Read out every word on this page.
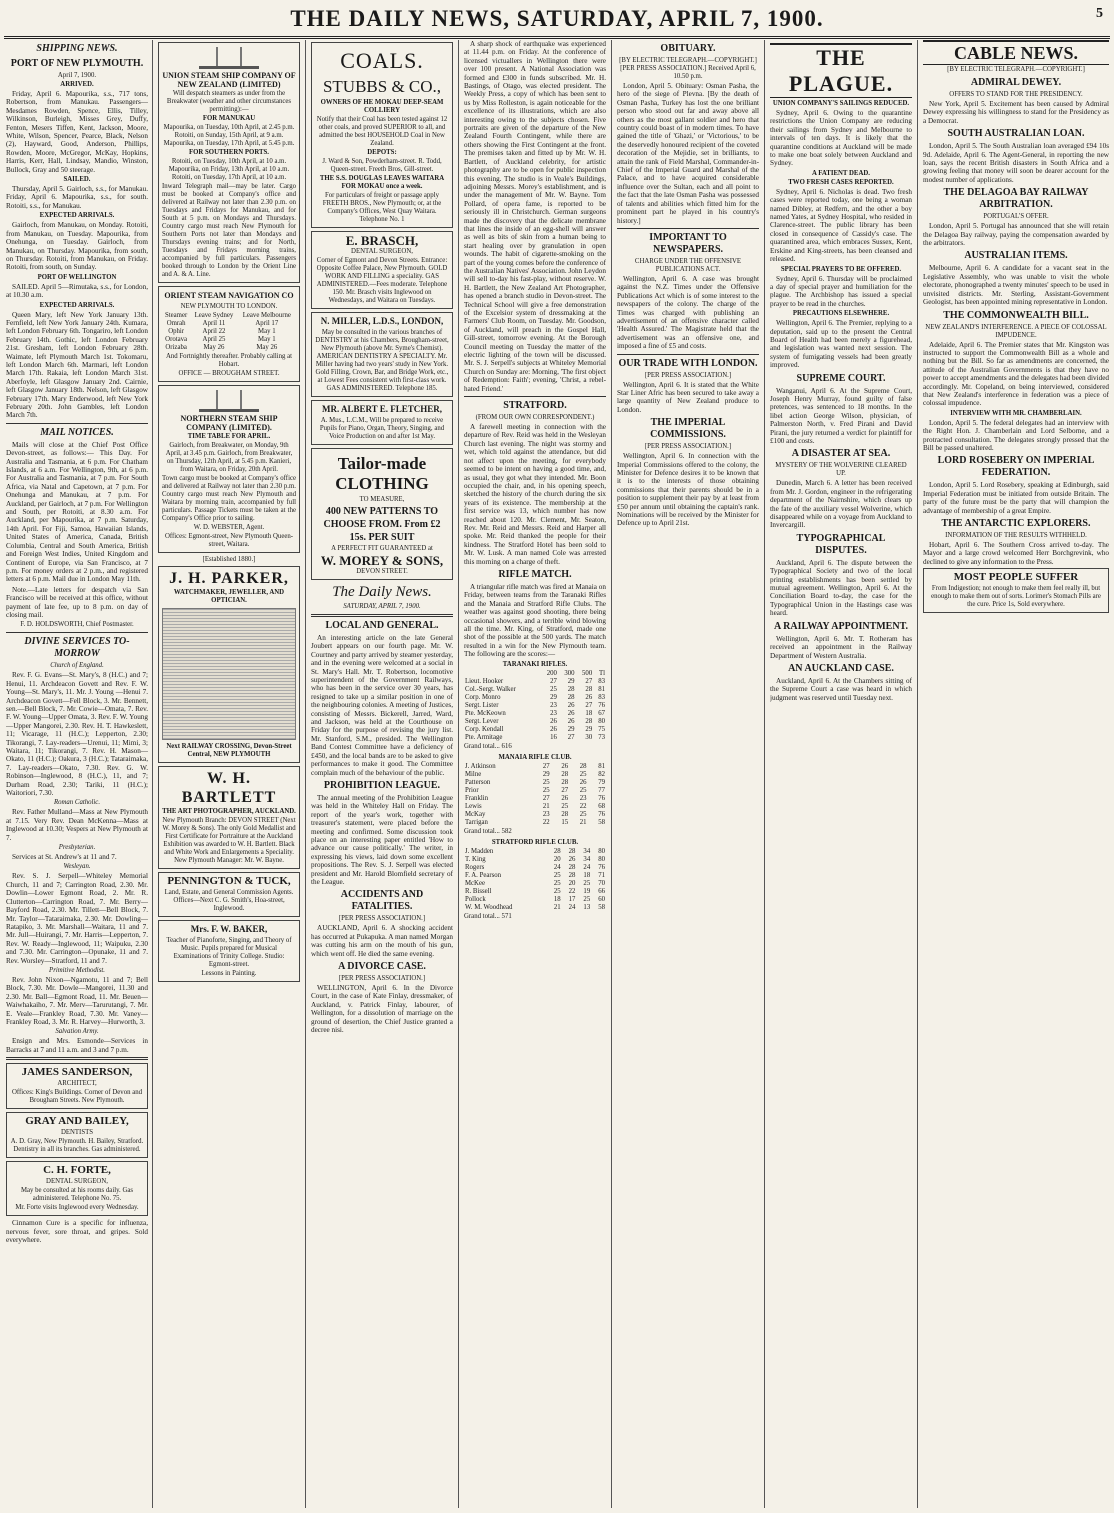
THE DAILY NEWS, SATURDAY, APRIL 7, 1900.	5
SHIPPING NEWS.
PORT OF NEW PLYMOUTH.
April 7, 1900.
ARRIVED.

Friday, April 6. Mapourika, s.s., 717 tons, Robertson, from Manukau. Passengers—Mesdames Rowden, Spence, Ellis, Tilley, Wilkinson, Burleigh, Misses Grey, Duffy, Fenton, Mesers Tiffen, Kent, Jackson, Moore, White, Wilson, Spencer, Pearce, Black, Nelson (2), Hayward, Good, Anderson, Phillips, Rowden, Moore, McGregor, McKay, Hopkins, Harris, Kerr, Hall, Lindsay, Mandio, Winston, Bullock, Gray and 50 steerage.

SAILED.

Thursday, April 5. Gairloch, s.s., for Manukau. Friday, April 6. Mapourika, s.s., for south. Rotoiti, s.s., for Manukau.

EXPECTED ARRIVALS.

Gairloch, from Manukau, on Monday. Rotoiti, from Manukau, on Tuesday. Mapourika, from Onehunga, on Tuesday. Gairloch, from Manukau, on Thursday. Mapourika, from south, on Thursday. Rotoiti, from Manukau, on Friday. Rotoiti, from south, on Sunday.

PORT OF WELLINGTON

SAILED. April 5—Rimutaka, s.s., for London, at 10.30 a.m.

EXPECTED ARRIVALS.

Queen Mary, left New York January 13th. Fernfield, left New York January 24th. Kumara, left London February 6th. Tongariro, left London February 14th. Gothic, left London February 21st. Gresham, left London February 28th. Waimate, left Plymouth March 1st. Tokomaru, left London March 6th. Marmari, left London March 17th. Rakaia, left London March 31st. Aberfoyle, left Glasgow January 2nd. Cairnie, left Glasgow January 18th. Nelson, left Glasgow February 17th. Mary Enderwood, left New York February 20th. John Gambles, left London March 7th.

MAIL NOTICES.

Mails will close at the Chief Post Office Devon-street, as follows:— This Day. For Australia and Tasmania, at 6 p.m. For Chatham Islands, at 6 a.m. For Wellington, 9th, at 6 p.m. For Australia and Tasmania, at 7 p.m. For South Africa, via Natal and Capetown, at 7 p.m. For Onehunga and Manukau, at 7 p.m. For Auckland, per Gairloch, at 7 p.m. For Wellington and South, per Rotoiti, at 8.30 a.m. For Auckland, per Mapourika, at 7 p.m. Saturday, 14th April. For Fiji, Samoa, Hawaiian Islands, United States of America, Canada, British Columbia, Central and South America, British and Foreign West Indies, United Kingdom and Continent of Europe, via San Francisco, at 7 p.m. For money orders at 2 p.m., and registered letters at 6 p.m. Mail due in London May 11th.

Note.—Late letters for despatch via San Francisco will be received at this office, without payment of late fee, up to 8 p.m. on day of closing mail.

F. D. HOLDSWORTH, Chief Postmaster.
DIVINE SERVICES TO-MORROW
Church of England.

Rev. F. G. Evans—St. Mary's, 8 (H.C.) and 7; Henui, 11. Archdeacon Govett and Rev. F. W. Young—St. Mary's, 11. Mr. J. Young —Henui 7. Archdeacon Govett—Fell Block, 3. Mr. Bennett, sen.—Bell Block, 7. Mr. Cowie—Omata, 7. Rev. F. W. Young—Upper Omata, 3. Rev. F. W. Young—Upper Mangorei, 2.30. Rev. H. T. Hawkeslett, 11; Vicarage, 11 (H.C.); Lepperton, 2.30; Tikorangi, 7. Lay-readers—Urenui, 11; Mimi, 3; Waitara, 11; Tikorangi, 7. Rev. H. Mason—Okato, 11 (H.C.); Oakura, 3 (H.C.); Tataraimaka, 7. Lay-readers—Okato, 7.30. Rev. G. W. Robinson—Inglewood, 8 (H.C.), 11, and 7; Durham Road, 2.30; Tariki, 11 (H.C.); Waitoriori, 7.30.

Roman Catholic.

Rev. Father Mulland—Mass at New Plymouth at 7.15. Very Rev. Dean McKenna—Mass at Inglewood at 10.30; Vespers at New Plymouth at 7.

Presbyterian.

Services at St. Andrew's at 11 and 7.

Wesleyan.

Rev. S. J. Serpell—Whiteley Memorial Church, 11 and 7; Carrington Road, 2.30. Mr. Dowlin—Lower Egmont Road, 2. Mr. R. Clutterton—Carrington Road, 7. Mr. Berry—Bayford Road, 2.30. Mr. Tillett—Bell Block, 7. Mr. Taylor—Tataraimaka, 2.30. Mr. Dowling—Ratapiko, 3. Mr. Marshall—Waitara, 11 and 7. Mr. Jull—Huirangi, 7. Mr. Harris—Lepperton, 7. Rev. W. Ready—Inglewood, 11; Waipuku, 2.30 and 7.30. Mr. Carrington—Opunake, 11 and 7. Rev. Worsley—Stratford, 11 and 7.

Primitive Methodist.

Rev. John Nixon—Ngamotu, 11 and 7; Bell Block, 7.30. Mr. Dowle—Mangorei, 11.30 and 2.30. Mr. Ball—Egmont Road, 11. Mr. Beuen—Waiwhakaiho, 7. Mr. Merv—Tarurutangi, 7. Mr. E. Veale—Frankley Road, 7.30. Mr. Vaney—Frankley Road, 3. Mr. R. Harvey—Hurworth, 3.

Salvation Army.

Ensign and Mrs. Esmonde—Services in Barracks at 7 and 11 a.m. and 3 and 7 p.m.

JAMES SANDERSON,
ARCHITECT,
Offices: King's Buildings. Corner of Devon and Brougham Streets. New Plymouth.
GRAY AND BAILEY,
DENTISTS
A. D. Gray, New Plymouth. H. Bailey, Stratford. Dentistry in all its branches. Gas administered.
C. H. FORTE,
DENTAL SURGEON,
May be consulted at his rooms daily. Gas administered. Telephone No. 75.
Mr. Forte visits Inglewood every Wednesday.

Cinnamon Cure is a specific for influenza, nervous fever, sore throat, and gripes. Sold everywhere.

UNION STEAM SHIP COMPANY OF NEW ZEALAND (LIMITED)
Will despatch steamers as under from the Breakwater (weather and other circumstances permitting):—
FOR MANUKAU
Mapourika, on Tuesday, 10th April, at 2.45 p.m. Rotoiti, on Sunday, 15th April, at 9 a.m. Mapourika, on Tuesday, 17th April, at 5.45 p.m.
FOR SOUTHERN PORTS.
Rotoiti, on Tuesday, 10th April, at 10 a.m. Mapourika, on Friday, 13th April, at 10 a.m. Rotoiti, on Tuesday, 17th April, at 10 a.m.
Inward Telegraph mail—may be later. Cargo must be booked at Company's office and delivered at Railway not later than 2.30 p.m. on Tuesdays and Fridays for Manukau, and for South at 5 p.m. on Mondays and Thursdays. Country cargo must reach New Plymouth for Southern Ports not later than Mondays and Thursdays evening trains; and for North, Tuesdays and Fridays morning trains, accompanied by full particulars. Passengers booked through to London by the Orient Line and A. & A. Line.
ORIENT STEAM NAVIGATION CO
NEW PLYMOUTH TO LONDON.
Steamer	Leave Sydney	Leave Melbourne
Omrah	April 11	April 17
Ophir	April 22	May 1
Orotava	April 25	May 1
Orizaba	May 26	May 26
And Fortnightly thereafter. Probably calling at Hobart.
OFFICE — BROUGHAM STREET.
NORTHERN STEAM SHIP COMPANY (LIMITED).
TIME TABLE FOR APRIL.
Gairloch, from Breakwater, on Monday, 9th April, at 3.45 p.m. Gairloch, from Breakwater, on Thursday, 12th April, at 5.45 p.m. Kanieri, from Waitara, on Friday, 20th April.
Town cargo must be booked at Company's office and delivered at Railway not later than 2.30 p.m. Country cargo must reach New Plymouth and Waitara by morning train, accompanied by full particulars. Passage Tickets must be taken at the Company's Office prior to sailing.
W. D. WEBSTER, Agent.
Offices: Egmont-street, New Plymouth Queen-street, Waitara.
[Established 1880.]
J. H. PARKER,
WATCHMAKER, JEWELLER, AND OPTICIAN.
Next RAILWAY CROSSING, Devon-Street Central, NEW PLYMOUTH
W. H. BARTLETT
THE ART PHOTOGRAPHER, AUCKLAND.
New Plymouth Branch: DEVON STREET (Next W. Morey & Sons). The only Gold Medallist and First Certificate for Portraiture at the Auckland Exhibition was awarded to W. H. Bartlett. Black and White Work and Enlargements a Speciality. New Plymouth Manager: Mr. W. Bayne.
PENNINGTON & TUCK,
Land, Estate, and General Commission Agents. Offices—Next C. G. Smith's, Hoa-street, Inglewood.
Mrs. F. W. BAKER,
Teacher of Pianoforte, Singing, and Theory of Music. Pupils prepared for Musical Examinations of Trinity College. Studio: Egmont-street.
Lessons in Painting.
COALS.
STUBBS & CO.,
OWNERS OF HE MOKAU DEEP-SEAM COLLIERY
Notify that their Coal has been tested against 12 other coals, and proved SUPERIOR to all, and admitted the best HOUSEHOLD Coal in New Zealand.
DEPOTS:
J. Ward & Son, Powderham-street. R. Todd, Queen-street. Freeth Bros, Gill-street.
THE S.S. DOUGLAS LEAVES WAITARA FOR MOKAU once a week.
For particulars of freight or passage apply FREETH BROS., New Plymouth; or, at the Company's Offices, West Quay Waitara. Telephone No. 1
E. BRASCH,
DENTAL SURGEON,
Corner of Egmont and Devon Streets. Entrance: Opposite Coffee Palace, New Plymouth. GOLD WORK AND FILLING a speciality. GAS ADMINISTERED.—Fees moderate. Telephone 150. Mr. Brasch visits Inglewood on Wednesdays, and Waitara on Tuesdays.
N. MILLER, L.D.S., LONDON,
May be consulted in the various branches of DENTISTRY at his Chambers, Brougham-street, New Plymouth (above Mr. Syme's Chemist). AMERICAN DENTISTRY A SPECIALTY. Mr. Miller having had two years' study in New York. Gold Filling, Crown, Bar, and Bridge Work, etc., at Lowest Fees consistent with first-class work. GAS ADMINISTERED. Telephone 185.
MR. ALBERT E. FLETCHER,
A. Mus., L.C.M., Will be prepared to receive Pupils for Piano, Organ, Theory, Singing, and Voice Production on and after 1st May.
Tailor-made CLOTHING
TO MEASURE,
400 NEW PATTERNS TO CHOOSE FROM. From £2 15s. PER SUIT
A PERFECT FIT GUARANTEED at
W. MOREY & SONS,
DEVON STREET.
The Daily News.
SATURDAY, APRIL 7, 1900.
LOCAL AND GENERAL.

An interesting article on the late General Joubert appears on our fourth page. Mr. W. Courtney and party arrived by steamer yesterday, and in the evening were welcomed at a social in St. Mary's Hall. Mr. T. Robertson, locomotive superintendent of the Government Railways, who has been in the service over 30 years, has resigned to take up a similar position in one of the neighbouring colonies. A meeting of Justices, consisting of Messrs. Bickerell, Jarred, Ward, and Jackson, was held at the Courthouse on Friday for the purpose of revising the jury list. Mr. Stanford, S.M., presided. The Wellington Band Contest Committee have a deficiency of £450, and the local bands are to be asked to give performances to make it good. The Committee complain much of the behaviour of the public.

PROHIBITION LEAGUE.

The annual meeting of the Prohibition League was held in the Whiteley Hall on Friday. The report of the year's work, together with treasurer's statement, were placed before the meeting and confirmed. Some discussion took place on an interesting paper entitled 'How to advance our cause politically.' The writer, in expressing his views, laid down some excellent propositions. The Rev. S. J. Serpell was elected president and Mr. Harold Blomfield secretary of the League.

ACCIDENTS AND FATALITIES.
[PER PRESS ASSOCIATION.]

AUCKLAND, April 6. A shocking accident has occurred at Pukapuka. A man named Morgan was cutting his arm on the mouth of his gun, which went off. He died the same evening.

A DIVORCE CASE.
[PER PRESS ASSOCIATION.]

WELLINGTON, April 6. In the Divorce Court, in the case of Kate Finlay, dressmaker, of Auckland, v. Patrick Finlay, labourer, of Wellington, for a dissolution of marriage on the ground of desertion, the Chief Justice granted a decree nisi.

A sharp shock of earthquake was experienced at 11.44 p.m. on Friday. At the conference of licensed victuallers in Wellington there were over 100 present. A National Association was formed and £300 in funds subscribed. Mr. H. Bastings, of Otago, was elected president. The Weekly Press, a copy of which has been sent to us by Miss Rolleston, is again noticeable for the excellence of its illustrations, which are also interesting owing to the subjects chosen. Five portraits are given of the departure of the New Zealand Fourth Contingent, while there are others showing the First Contingent at the front. The premises taken and fitted up by Mr. W. H. Bartlett, of Auckland celebrity, for artistic photography are to be open for public inspection this evening. The studio is in Veale's Buildings, adjoining Messrs. Morey's establishment, and is under the management of Mr. W. Bayne. Tom Pollard, of opera fame, is reported to be seriously ill in Christchurch. German surgeons made the discovery that the delicate membrane that lines the inside of an egg-shell will answer as well as bits of skin from a human being to start healing over by granulation in open wounds. The habit of cigarette-smoking on the part of the young comes before the conference of the Australian Natives' Association. John Leydon will sell to-day his fast-play, without reserve. W. H. Bartlett, the New Zealand Art Photographer, has opened a branch studio in Devon-street. The Technical School will give a free demonstration of the Excelsior system of dressmaking at the Farmers' Club Room, on Tuesday. Mr. Goodson, of Auckland, will preach in the Gospel Hall, Gill-street, tomorrow evening. At the Borough Council meeting on Tuesday the matter of the electric lighting of the town will be discussed. Mr. S. J. Serpell's subjects at Whiteley Memorial Church on Sunday are: Morning, 'The first object of Redemption: Faith'; evening, 'Christ, a rebel-hated Friend.'

STRATFORD.
(FROM OUR OWN CORRESPONDENT.)

A farewell meeting in connection with the departure of Rev. Reid was held in the Wesleyan Church last evening. The night was stormy and wet, which told against the attendance, but did not affect upon the meeting, for everybody seemed to be intent on having a good time, and, as usual, they got what they intended. Mr. Boon occupied the chair, and, in his opening speech, sketched the history of the church during the six years of its existence. The membership at the first service was 13, which number has now reached about 120. Mr. Clement, Mr. Seaton, Rev. Mr. Reid and Messrs. Reid and Harper all spoke. Mr. Reid thanked the people for their kindness. The Stratford Hotel has been sold to Mr. W. Lusk. A man named Cole was arrested this morning on a charge of theft.

RIFLE MATCH.

A triangular rifle match was fired at Manaia on Friday, between teams from the Taranaki Rifles and the Manaia and Stratford Rifle Clubs. The weather was against good shooting, there being occasional showers, and a terrible wind blowing all the time. Mr. King, of Stratford, made one shot of the possible at the 500 yards. The match resulted in a win for the New Plymouth team. The following are the scores:—

TARANAKI RIFLES.
	200	300	500	Tl
Lieut. Hooker	27	29	27	83
Col.-Sergt. Walker	25	28	28	81
Corp. Monro	29	28	26	83
Sergt. Lister	23	26	27	76
Pte. McKeown	23	26	18	67
Sergt. Lever	26	26	28	80
Corp. Kendall	26	29	29	75
Pte. Armitage	16	27	30	73
Grand total... 616
MANAIA RIFLE CLUB.
J. Atkinson	27	26	28	81
Milne	29	28	25	82
Patterson	25	28	26	79
Prior	25	27	25	77
Franklin	27	26	23	76
Lewis	21	25	22	68
McKay	23	28	25	76
Tarrigan	22	15	21	58
Grand total... 582
STRATFORD RIFLE CLUB.
J. Madden	28	28	34	80
T. King	20	26	34	80
Rogers	24	28	24	76
F. A. Pearson	25	28	18	71
McKee	25	20	25	70
R. Bissell	25	22	19	66
Pollock	18	17	25	60
W. M. Woodhead	21	24	13	58
Grand total... 571
OBITUARY.
[BY ELECTRIC TELEGRAPH.—COPYRIGHT.] [PER PRESS ASSOCIATION.] Received April 6, 10.50 p.m.

London, April 5. Obituary: Osman Pasha, the hero of the siege of Plevna. [By the death of Osman Pasha, Turkey has lost the one brilliant person who stood out far and away above all others as the most gallant soldier and hero that country could boast of in modern times. To have gained the title of 'Ghazi,' or 'Victorious,' to be the deservedly honoured recipient of the coveted decoration of the Mejidie, set in brilliants, to attain the rank of Field Marshal, Commander-in-Chief of the Imperial Guard and Marshal of the Palace, and to have acquired considerable influence over the Sultan, each and all point to the fact that the late Osman Pasha was possessed of talents and abilities which fitted him for the prominent part he played in his country's history.]

IMPORTANT TO NEWSPAPERS.
CHARGE UNDER THE OFFENSIVE PUBLICATIONS ACT.

Wellington, April 6. A case was brought against the N.Z. Times under the Offensive Publications Act which is of some interest to the newspapers of the colony. The charge of the Times was charged with publishing an advertisement of an offensive character called 'Health Assured.' The Magistrate held that the advertisement was an offensive one, and imposed a fine of £5 and costs.

OUR TRADE WITH LONDON.
[PER PRESS ASSOCIATION.]

Wellington, April 6. It is stated that the White Star Liner Afric has been secured to take away a large quantity of New Zealand produce to London.

THE IMPERIAL COMMISSIONS.
[PER PRESS ASSOCIATION.]

Wellington, April 6. In connection with the Imperial Commissions offered to the colony, the Minister for Defence desires it to be known that it is to the interests of those obtaining commissions that their parents should be in a position to supplement their pay by at least from £50 per annum until obtaining the captain's rank. Nominations will be received by the Minister for Defence up to April 21st.

THE PLAGUE.
UNION COMPANY'S SAILINGS REDUCED.

Sydney, April 6. Owing to the quarantine restrictions the Union Company are reducing their sailings from Sydney and Melbourne to intervals of ten days. It is likely that the quarantine conditions at Auckland will be made to make one boat solely between Auckland and Sydney.

A FATIENT DEAD.
TWO FRESH CASES REPORTED.

Sydney, April 6. Nicholas is dead. Two fresh cases were reported today, one being a woman named Dibley, at Redfern, and the other a boy named Yates, at Sydney Hospital, who resided in Clarence-street. The public library has been closed in consequence of Cassidy's case. The quarantined area, which embraces Sussex, Kent, Erskine and King-streets, has been cleansed and released.

SPECIAL PRAYERS TO BE OFFERED.

Sydney, April 6. Thursday will be proclaimed a day of special prayer and humiliation for the plague. The Archbishop has issued a special prayer to be read in the churches.

PRECAUTIONS ELSEWHERE.

Wellington, April 6. The Premier, replying to a deputation, said up to the present the Central Board of Health had been merely a figurehead, and legislation was wanted next session. The system of fumigating vessels had been greatly improved.

SUPREME COURT.

Wanganui, April 6. At the Supreme Court, Joseph Henry Murray, found guilty of false pretences, was sentenced to 18 months. In the libel action George Wilson, physician, of Palmerston North, v. Fred Pirani and David Pirani, the jury returned a verdict for plaintiff for £100 and costs.

A DISASTER AT SEA.
MYSTERY OF THE WOLVERINE CLEARED UP.

Dunedin, March 6. A letter has been received from Mr. J. Gordon, engineer in the refrigerating department of the Nairnshire, which clears up the fate of the auxiliary vessel Wolverine, which disappeared while on a voyage from Auckland to Invercargill.

TYPOGRAPHICAL DISPUTES.

Auckland, April 6. The dispute between the Typographical Society and two of the local printing establishments has been settled by mutual agreement. Wellington, April 6. At the Conciliation Board to-day, the case for the Typographical Union in the Hastings case was heard.

A RAILWAY APPOINTMENT.

Wellington, April 6. Mr. T. Rotheram has received an appointment in the Railway Department of Western Australia.

AN AUCKLAND CASE.

Auckland, April 6. At the Chambers sitting of the Supreme Court a case was heard in which judgment was reserved until Tuesday next.

CABLE NEWS.
[BY ELECTRIC TELEGRAPH.—COPYRIGHT.]
ADMIRAL DEWEY.
OFFERS TO STAND FOR THE PRESIDENCY.

New York, April 5. Excitement has been caused by Admiral Dewey expressing his willingness to stand for the Presidency as a Democrat.

SOUTH AUSTRALIAN LOAN.

London, April 5. The South Australian loan averaged £94 10s 9d. Adelaide, April 6. The Agent-General, in reporting the new loan, says the recent British disasters in South Africa and a growing feeling that money will soon be dearer account for the modest number of applications.

THE DELAGOA BAY RAILWAY ARBITRATION.
PORTUGAL'S OFFER.

London, April 5. Portugal has announced that she will retain the Delagoa Bay railway, paying the compensation awarded by the arbitrators.

AUSTRALIAN ITEMS.

Melbourne, April 6. A candidate for a vacant seat in the Legislative Assembly, who was unable to visit the whole electorate, phonographed a twenty minutes' speech to be used in unvisited districts. Mr. Sterling, Assistant-Government Geologist, has been appointed mining representative in London.

THE COMMONWEALTH BILL.
NEW ZEALAND'S INTERFERENCE. A PIECE OF COLOSSAL IMPUDENCE.

Adelaide, April 6. The Premier states that Mr. Kingston was instructed to support the Commonwealth Bill as a whole and nothing but the Bill. So far as amendments are concerned, the attitude of the Australian Governments is that they have no power to accept amendments and the delegates had been divided accordingly. Mr. Copeland, on being interviewed, considered that New Zealand's interference in federation was a piece of colossal impudence.

INTERVIEW WITH MR. CHAMBERLAIN.

London, April 5. The federal delegates had an interview with the Right Hon. J. Chamberlain and Lord Selborne, and a protracted consultation. The delegates strongly pressed that the Bill be passed unaltered.

LORD ROSEBERY ON IMPERIAL FEDERATION.

London, April 5. Lord Rosebery, speaking at Edinburgh, said Imperial Federation must be initiated from outside Britain. The party of the future must be the party that will champion the advantage of membership of a great Empire.

THE ANTARCTIC EXPLORERS.
INFORMATION OF THE RESULTS WITHHELD.

Hobart, April 6. The Southern Cross arrived to-day. The Mayor and a large crowd welcomed Herr Borchgrevink, who declined to give any information to the Press.

MOST PEOPLE SUFFER
From Indigestion; not enough to make them feel really ill, but enough to make them out of sorts. Lorimer's Stomach Pills are the cure. Price 1s, Sold everywhere.
